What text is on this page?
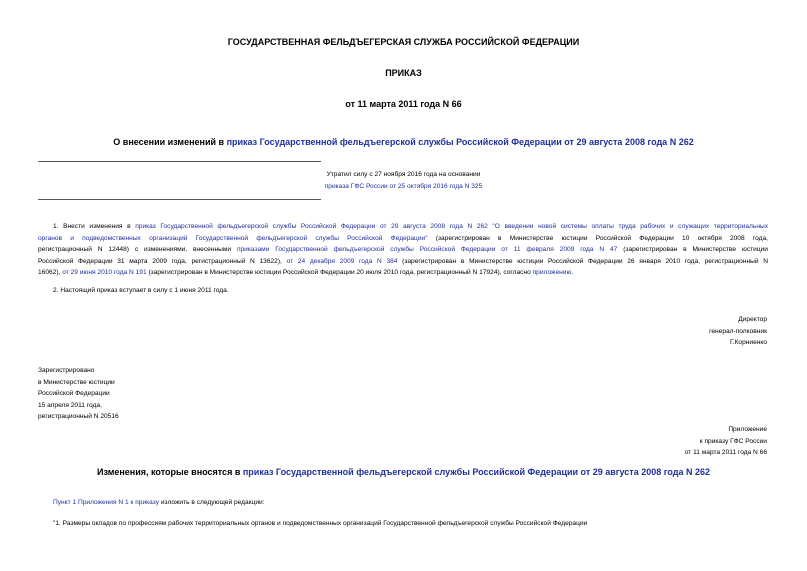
ГОСУДАРСТВЕННАЯ ФЕЛЬДЪЕГЕРСКАЯ СЛУЖБА РОССИЙСКОЙ ФЕДЕРАЦИИ
ПРИКАЗ
от 11 марта 2011 года N 66
О внесении изменений в приказ Государственной фельдъегерской службы Российской Федерации от 29 августа 2008 года N 262
Утратил силу с 27 ноября 2016 года на основании
приказа ГФС России от 25 октября 2016 года N 325
1. Внести изменения в приказ Государственной фельдъегерской службы Российской Федерации от 29 августа 2008 года N 262 "О введении новой системы оплаты труда рабочих и служащих территориальных
органов и подведомственных организаций Государственной фельдъегерской службы Российской Федерации" (зарегистрирован в Министерстве юстиции Российской Федерации 10 октября 2008 года,
регистрационный N 12448) с изменениями, внесенными приказами Государственной фельдъегерской службы Российской Федерации от 11 февраля 2009 года N 47 (зарегистрирован в Министерстве юстиции
Российской Федерации 31 марта 2009 года, регистрационный N 13622), от 24 декабря 2009 года N 384 (зарегистрирован в Министерстве юстиции Российской Федерации 26 января 2010 года, регистрационный N
16062), от 29 июня 2010 года N 191 (зарегистрирован в Министерстве юстиции Российской Федерации 20 июля 2010 года, регистрационный N 17924), согласно приложению.
2. Настоящий приказ вступает в силу с 1 июня 2011 года.
Директор
генерал-полковник
Г.Корниенко
Зарегистрировано
в Министерстве юстиции
Российской Федерации
15 апреля 2011 года,
регистрационный N 20516
Приложение
к приказу ГФС России
от 11 марта 2011 года N 66
Изменения, которые вносятся в приказ Государственной фельдъегерской службы Российской Федерации от 29 августа 2008 года N 262
Пункт 1 Приложения N 1 к приказу изложить в следующей редакции:
"1. Размеры окладов по профессиям рабочих территориальных органов и подведомственных организаций Государственной фельдъегерской службы Российской Федерации
